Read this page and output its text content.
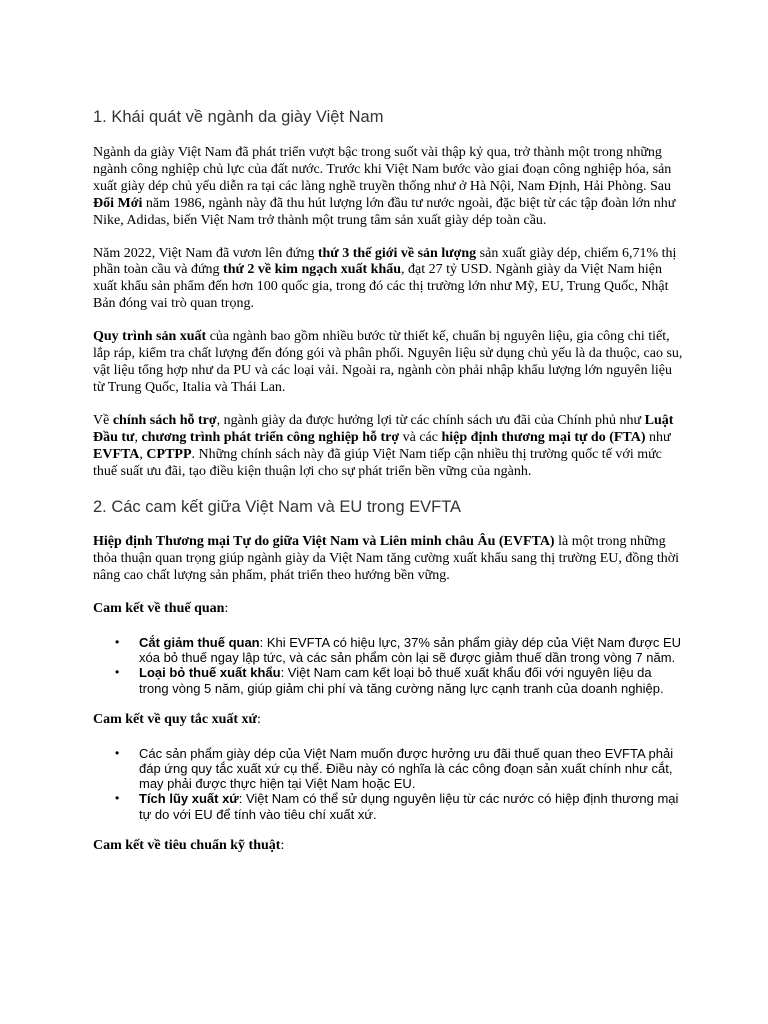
1. Khái quát về ngành da giày Việt Nam

Ngành da giày Việt Nam đã phát triển vượt bậc trong suốt vài thập kỷ qua, trở thành một trong những ngành công nghiệp chủ lực của đất nước. Trước khi Việt Nam bước vào giai đoạn công nghiệp hóa, sản xuất giày dép chủ yếu diễn ra tại các làng nghề truyền thống như ở Hà Nội, Nam Định, Hải Phòng. Sau Đổi Mới năm 1986, ngành này đã thu hút lượng lớn đầu tư nước ngoài, đặc biệt từ các tập đoàn lớn như Nike, Adidas, biến Việt Nam trở thành một trung tâm sản xuất giày dép toàn cầu.

Năm 2022, Việt Nam đã vươn lên đứng thứ 3 thế giới về sản lượng sản xuất giày dép, chiếm 6,71% thị phần toàn cầu và đứng thứ 2 về kim ngạch xuất khẩu, đạt 27 tỷ USD. Ngành giày da Việt Nam hiện xuất khẩu sản phẩm đến hơn 100 quốc gia, trong đó các thị trường lớn như Mỹ, EU, Trung Quốc, Nhật Bản đóng vai trò quan trọng.

Quy trình sản xuất của ngành bao gồm nhiều bước từ thiết kế, chuẩn bị nguyên liệu, gia công chi tiết, lắp ráp, kiểm tra chất lượng đến đóng gói và phân phối. Nguyên liệu sử dụng chủ yếu là da thuộc, cao su, vật liệu tổng hợp như da PU và các loại vải. Ngoài ra, ngành còn phải nhập khẩu lượng lớn nguyên liệu từ Trung Quốc, Italia và Thái Lan.

Về chính sách hỗ trợ, ngành giày da được hưởng lợi từ các chính sách ưu đãi của Chính phủ như Luật Đầu tư, chương trình phát triển công nghiệp hỗ trợ và các hiệp định thương mại tự do (FTA) như EVFTA, CPTPP. Những chính sách này đã giúp Việt Nam tiếp cận nhiều thị trường quốc tế với mức thuế suất ưu đãi, tạo điều kiện thuận lợi cho sự phát triển bền vững của ngành.

2. Các cam kết giữa Việt Nam và EU trong EVFTA

Hiệp định Thương mại Tự do giữa Việt Nam và Liên minh châu Âu (EVFTA) là một trong những thỏa thuận quan trọng giúp ngành giày da Việt Nam tăng cường xuất khẩu sang thị trường EU, đồng thời nâng cao chất lượng sản phẩm, phát triển theo hướng bền vững.

Cam kết về thuế quan:

• Cắt giảm thuế quan: Khi EVFTA có hiệu lực, 37% sản phẩm giày dép của Việt Nam được EU xóa bỏ thuế ngay lập tức, và các sản phẩm còn lại sẽ được giảm thuế dần trong vòng 7 năm.
• Loại bỏ thuế xuất khẩu: Việt Nam cam kết loại bỏ thuế xuất khẩu đối với nguyên liệu da trong vòng 5 năm, giúp giảm chi phí và tăng cường năng lực cạnh tranh của doanh nghiệp.

Cam kết về quy tắc xuất xứ:

• Các sản phẩm giày dép của Việt Nam muốn được hưởng ưu đãi thuế quan theo EVFTA phải đáp ứng quy tắc xuất xứ cụ thể. Điều này có nghĩa là các công đoạn sản xuất chính như cắt, may phải được thực hiện tại Việt Nam hoặc EU.
• Tích lũy xuất xứ: Việt Nam có thể sử dụng nguyên liệu từ các nước có hiệp định thương mại tự do với EU để tính vào tiêu chí xuất xứ.

Cam kết về tiêu chuẩn kỹ thuật:
